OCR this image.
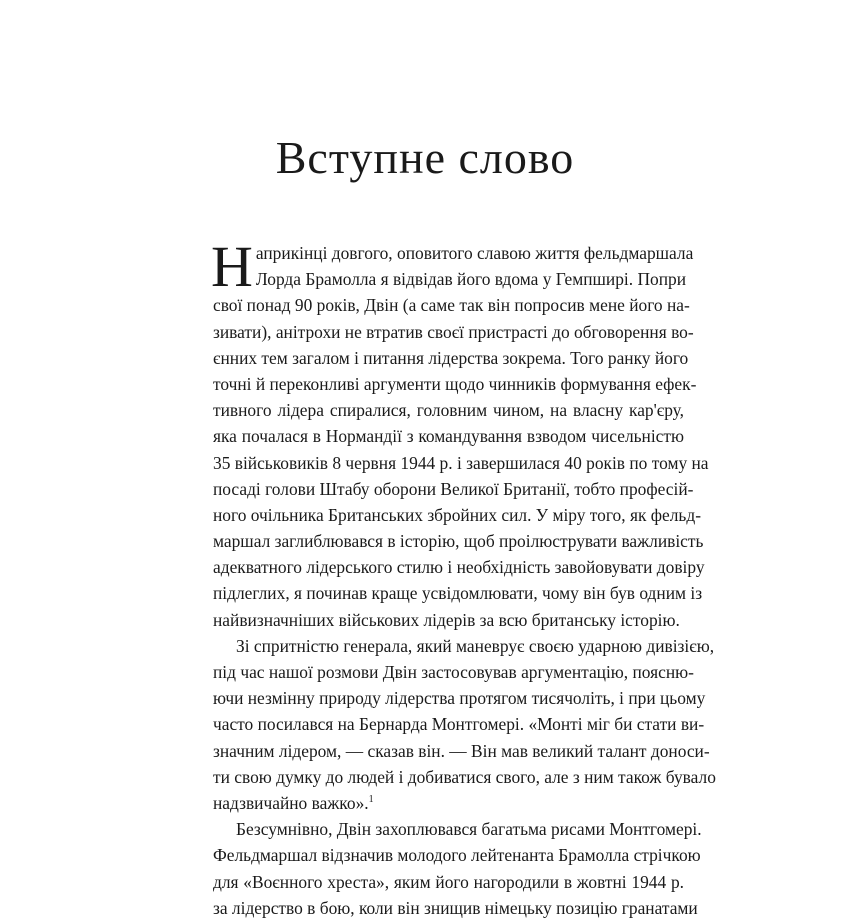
Вступне слово
Н априкінці довгого, оповитого славою життя фельдмаршала
Лорда Брамолла я відвідав його вдома у Гемпширі. Попри
свої понад 90 років, Двін (а саме так він попросив мене його на-
зивати), анітрохи не втратив своєї пристрасті до обговорення во-
єнних тем загалом і питання лідерства зокрема. Того ранку його
точні й переконливі аргументи щодо чинників формування ефек-
тивного лідера спиралися, головним чином, на власну кар'єру,
яка почалася в Нормандії з командування взводом чисельністю
35 військовиків 8 червня 1944 р. і завершилася 40 років по тому на
посаді голови Штабу оборони Великої Британії, тобто професій-
ного очільника Британських збройних сил. У міру того, як фельд-
маршал заглиблювався в історію, щоб проілюструвати важливість
адекватного лідерського стилю і необхідність завойовувати довіру
підлеглих, я починав краще усвідомлювати, чому він був одним із
найвизначніших військових лідерів за всю британську історію.
Зі спритністю генерала, який маневрує своєю ударною дивізією,
під час нашої розмови Двін застосовував аргументацію, поясню-
ючи незмінну природу лідерства протягом тисячоліть, і при цьому
часто посилався на Бернарда Монтгомері. «Монті міг би стати ви-
значним лідером, — сказав він. — Він мав великий талант доноси-
ти свою думку до людей і добиватися свого, але з ним також бувало
надзвичайно важко».$^1$
Безсумнівно, Двін захоплювався багатьма рисами Монтгомері.
Фельдмаршал відзначив молодого лейтенанта Брамолла стрічкою
для «Воєнного хреста», яким його нагородили в жовтні 1944 р.
за лідерство в бою, коли він знищив німецьку позицію гранатами
